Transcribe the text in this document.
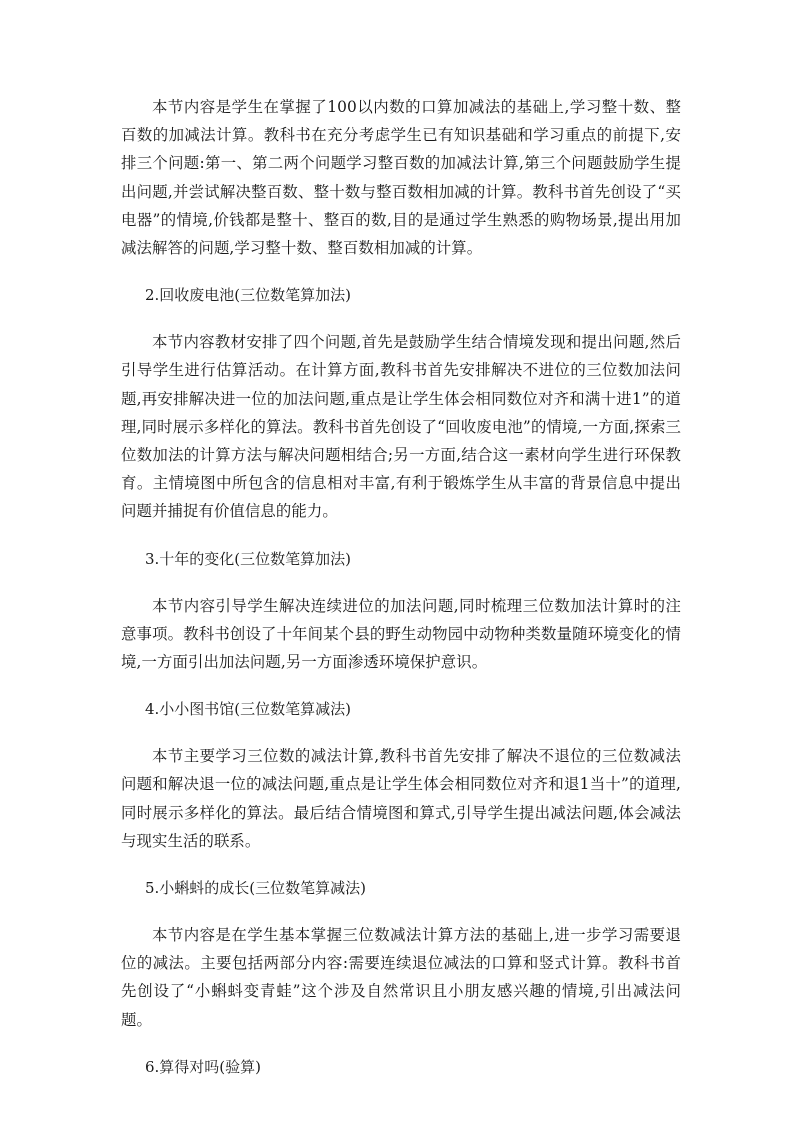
本节内容是学生在掌握了100以内数的口算加减法的基础上,学习整十数、整百数的加减法计算。教科书在充分考虑学生已有知识基础和学习重点的前提下,安排三个问题:第一、第二两个问题学习整百数的加减法计算,第三个问题鼓励学生提出问题,并尝试解决整百数、整十数与整百数相加减的计算。教科书首先创设了“买电器”的情境,价钱都是整十、整百的数,目的是通过学生熟悉的购物场景,提出用加减法解答的问题,学习整十数、整百数相加减的计算。

2.回收废电池(三位数笔算加法)

本节内容教材安排了四个问题,首先是鼓励学生结合情境发现和提出问题,然后引导学生进行估算活动。在计算方面,教科书首先安排解决不进位的三位数加法问题,再安排解决进一位的加法问题,重点是让学生体会相同数位对齐和满十进1”的道理,同时展示多样化的算法。教科书首先创设了“回收废电池”的情境,一方面,探索三位数加法的计算方法与解决问题相结合;另一方面,结合这一素材向学生进行环保教育。主情境图中所包含的信息相对丰富,有利于锻炼学生从丰富的背景信息中提出问题并捕捉有价值信息的能力。

3.十年的变化(三位数笔算加法)

本节内容引导学生解决连续进位的加法问题,同时梳理三位数加法计算时的注意事项。教科书创设了十年间某个县的野生动物园中动物种类数量随环境变化的情境,一方面引出加法问题,另一方面渗透环境保护意识。

4.小小图书馆(三位数笔算减法)

本节主要学习三位数的减法计算,教科书首先安排了解决不退位的三位数减法问题和解决退一位的减法问题,重点是让学生体会相同数位对齐和退1当十”的道理,同时展示多样化的算法。最后结合情境图和算式,引导学生提出减法问题,体会减法与现实生活的联系。

5.小蝌蚪的成长(三位数笔算减法)

本节内容是在学生基本掌握三位数减法计算方法的基础上,进一步学习需要退位的减法。主要包括两部分内容:需要连续退位减法的口算和竖式计算。教科书首先创设了“小蝌蚪变青蛙”这个涉及自然常识且小朋友感兴趣的情境,引出减法问题。

6.算得对吗(验算)
